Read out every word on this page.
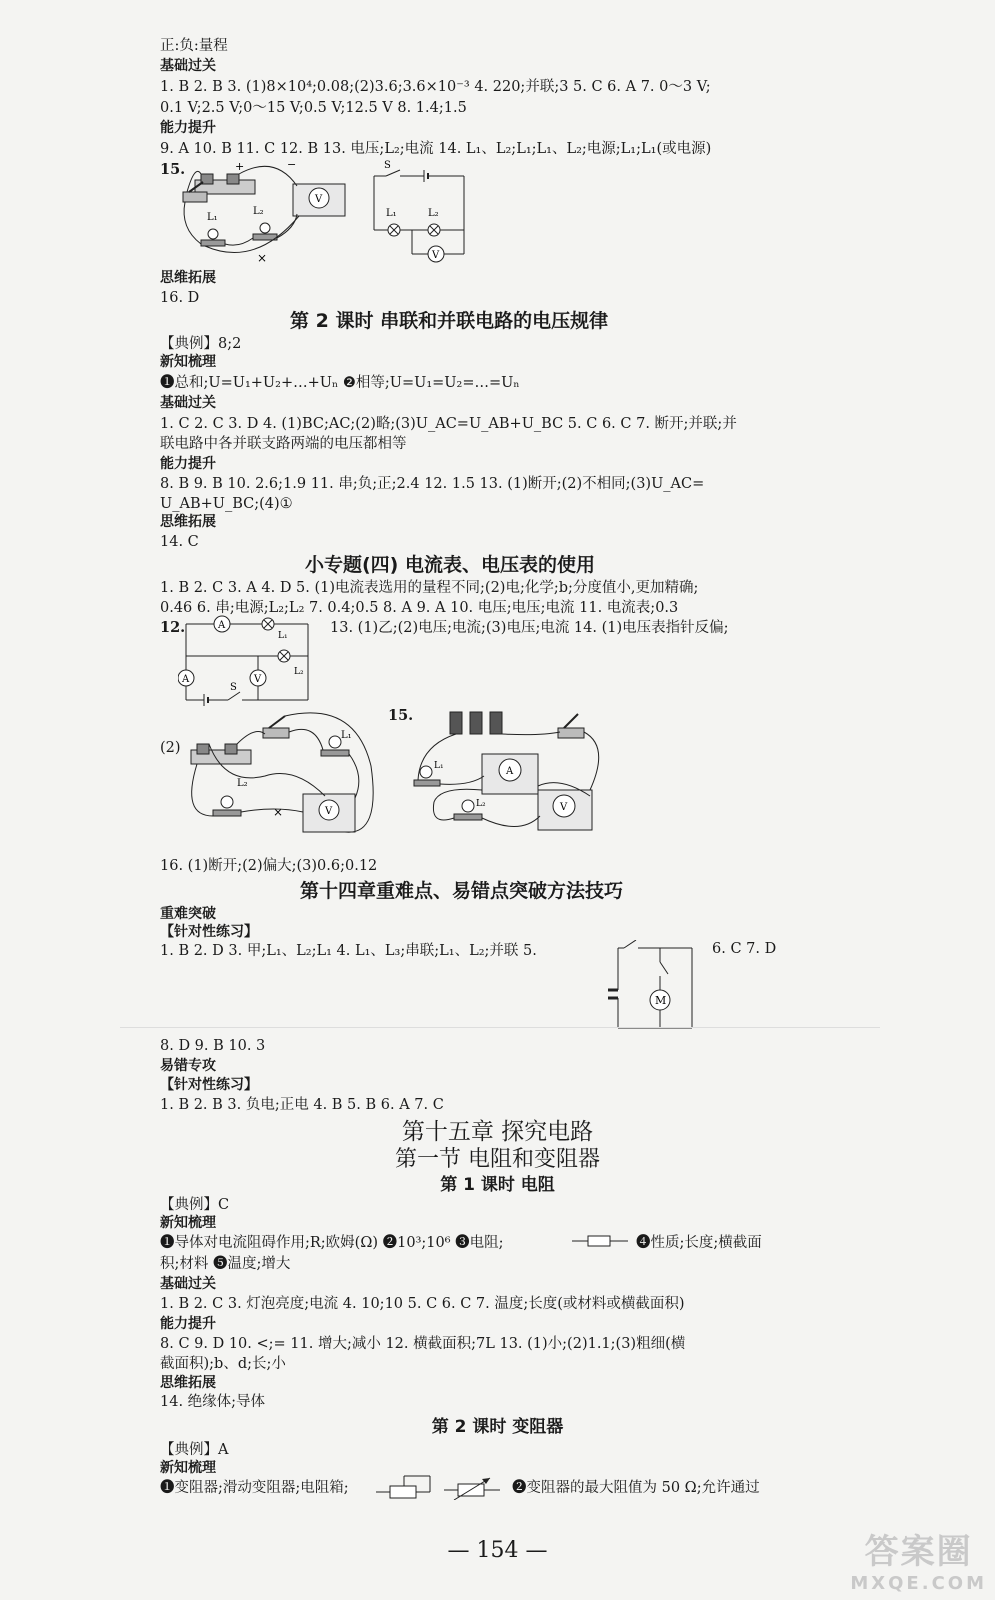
正:负:量程
基础过关
1. B 2. B 3. (1)8×10⁴;0.08;(2)3.6;3.6×10⁻³ 4. 220;并联;3 5. C 6. A 7. 0～3 V;
0.1 V;2.5 V;0～15 V;0.5 V;12.5 V 8. 1.4;1.5
能力提升
9. A 10. B 11. C 12. B 13. 电压;L₂;电流 14. L₁、L₂;L₁;L₁、L₂;电源;L₁;L₁(或电源)
15.	+	−
V
L₁
L₂
×
S
L₁	L₂
V
思维拓展
16. D
第 2 课时 串联和并联电路的电压规律
【典例】8;2
新知梳理
❶总和;U=U₁+U₂+…+Uₙ ❷相等;U=U₁=U₂=…=Uₙ
基础过关
1. C 2. C 3. D 4. (1)BC;AC;(2)略;(3)U_AC=U_AB+U_BC 5. C 6. C 7. 断开;并联;并
联电路中各并联支路两端的电压都相等
能力提升
8. B 9. B 10. 2.6;1.9 11. 串;负;正;2.4 12. 1.5 13. (1)断开;(2)不相同;(3)U_AC=
U_AB+U_BC;(4)①
思维拓展
14. C
小专题(四) 电流表、电压表的使用
1. B 2. C 3. A 4. D 5. (1)电流表选用的量程不同;(2)电;化学;b;分度值小,更加精确;
0.46 6. 串;电源;L₂;L₂ 7. 0.4;0.5 8. A 9. A 10. 电压;电压;电流 11. 电流表;0.3
12.	13. (1)乙;(2)电压;电流;(3)电压;电流 14. (1)电压表指针反偏;
A
L₁
L₂
A	V
S
(2)
L₁
L₂
V
×
15.
L₁	A
L₂	V
16. (1)断开;(2)偏大;(3)0.6;0.12
第十四章重难点、易错点突破方法技巧
重难突破
【针对性练习】
1. B 2. D 3. 甲;L₁、L₂;L₁ 4. L₁、L₃;串联;L₁、L₂;并联 5.	6. C 7. D
M
8. D 9. B 10. 3
易错专攻
【针对性练习】
1. B 2. B 3. 负电;正电 4. B 5. B 6. A 7. C
第十五章 探究电路
第一节 电阻和变阻器
第 1 课时 电阻
【典例】C
新知梳理
❶导体对电流阻碍作用;R;欧姆(Ω) ❷10³;10⁶ ❸电阻;	❹性质;长度;横截面
积;材料 ❺温度;增大
基础过关
1. B 2. C 3. 灯泡亮度;电流 4. 10;10 5. C 6. C 7. 温度;长度(或材料或横截面积)
能力提升
8. C 9. D 10. <;= 11. 增大;减小 12. 横截面积;7L 13. (1)小;(2)1.1;(3)粗细(横
截面积);b、d;长;小
思维拓展
14. 绝缘体;导体
第 2 课时 变阻器
【典例】A
新知梳理
❶变阻器;滑动变阻器;电阻箱;	❷变阻器的最大阻值为 50 Ω;允许通过
— 154 —	答案圈
MXQE.COM
